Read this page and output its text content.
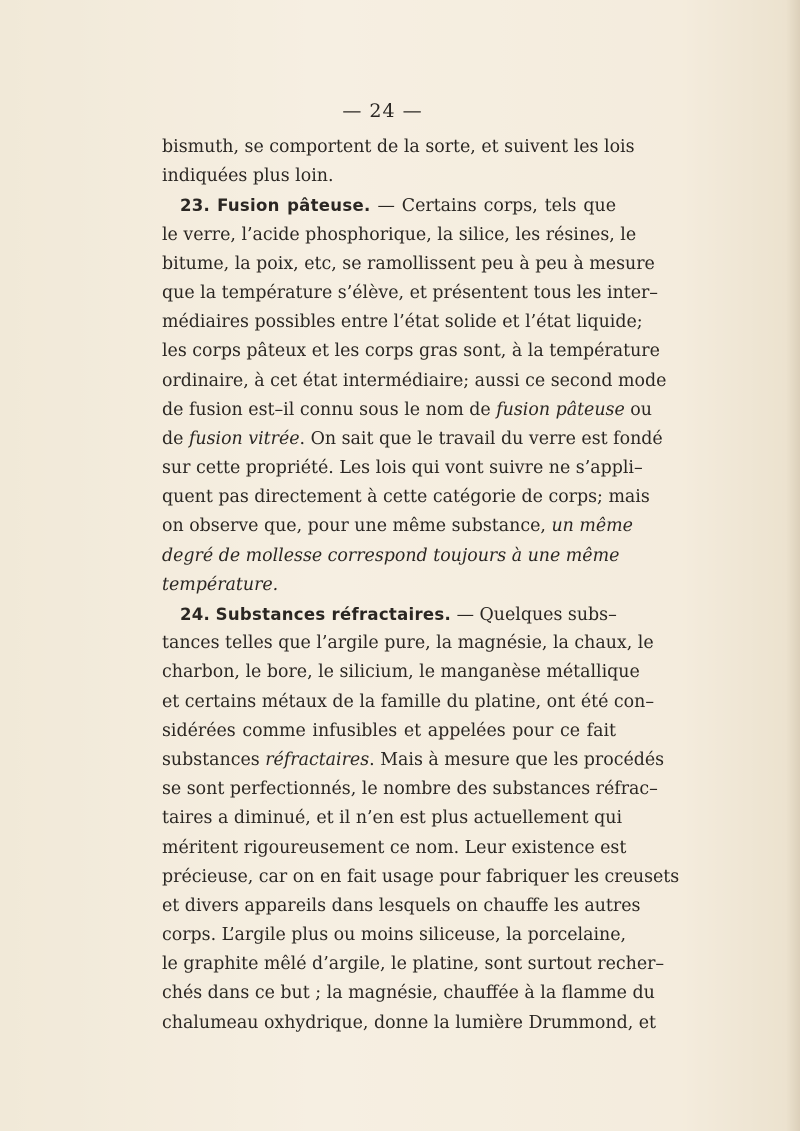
— 24 —
bismuth, se comportent de la sorte, et suivent les lois
indiquées plus loin.
23. Fusion pâteuse. — Certains corps, tels que
le verre, l’acide phosphorique, la silice, les résines, le
bitume, la poix, etc, se ramollissent peu à peu à mesure
que la température s’élève, et présentent tous les inter–
médiaires possibles entre l’état solide et l’état liquide;
les corps pâteux et les corps gras sont, à la température
ordinaire, à cet état intermédiaire; aussi ce second mode
de fusion est–il connu sous le nom de fusion pâteuse ou
de fusion vitrée. On sait que le travail du verre est fondé
sur cette propriété. Les lois qui vont suivre ne s’appli–
quent pas directement à cette catégorie de corps; mais
on observe que, pour une même substance, un même
degré de mollesse correspond toujours à une même
température.
24. Substances réfractaires. — Quelques subs–
tances telles que l’argile pure, la magnésie, la chaux, le
charbon, le bore, le silicium, le manganèse métallique
et certains métaux de la famille du platine, ont été con–
sidérées comme infusibles et appelées pour ce fait
substances réfractaires. Mais à mesure que les procédés
se sont perfectionnés, le nombre des substances réfrac–
taires a diminué, et il n’en est plus actuellement qui
méritent rigoureusement ce nom. Leur existence est
précieuse, car on en fait usage pour fabriquer les creusets
et divers appareils dans lesquels on chauffe les autres
corps. L’argile plus ou moins siliceuse, la porcelaine,
le graphite mêlé d’argile, le platine, sont surtout recher–
chés dans ce but ; la magnésie, chauffée à la flamme du
chalumeau oxhydrique, donne la lumière Drummond, et
